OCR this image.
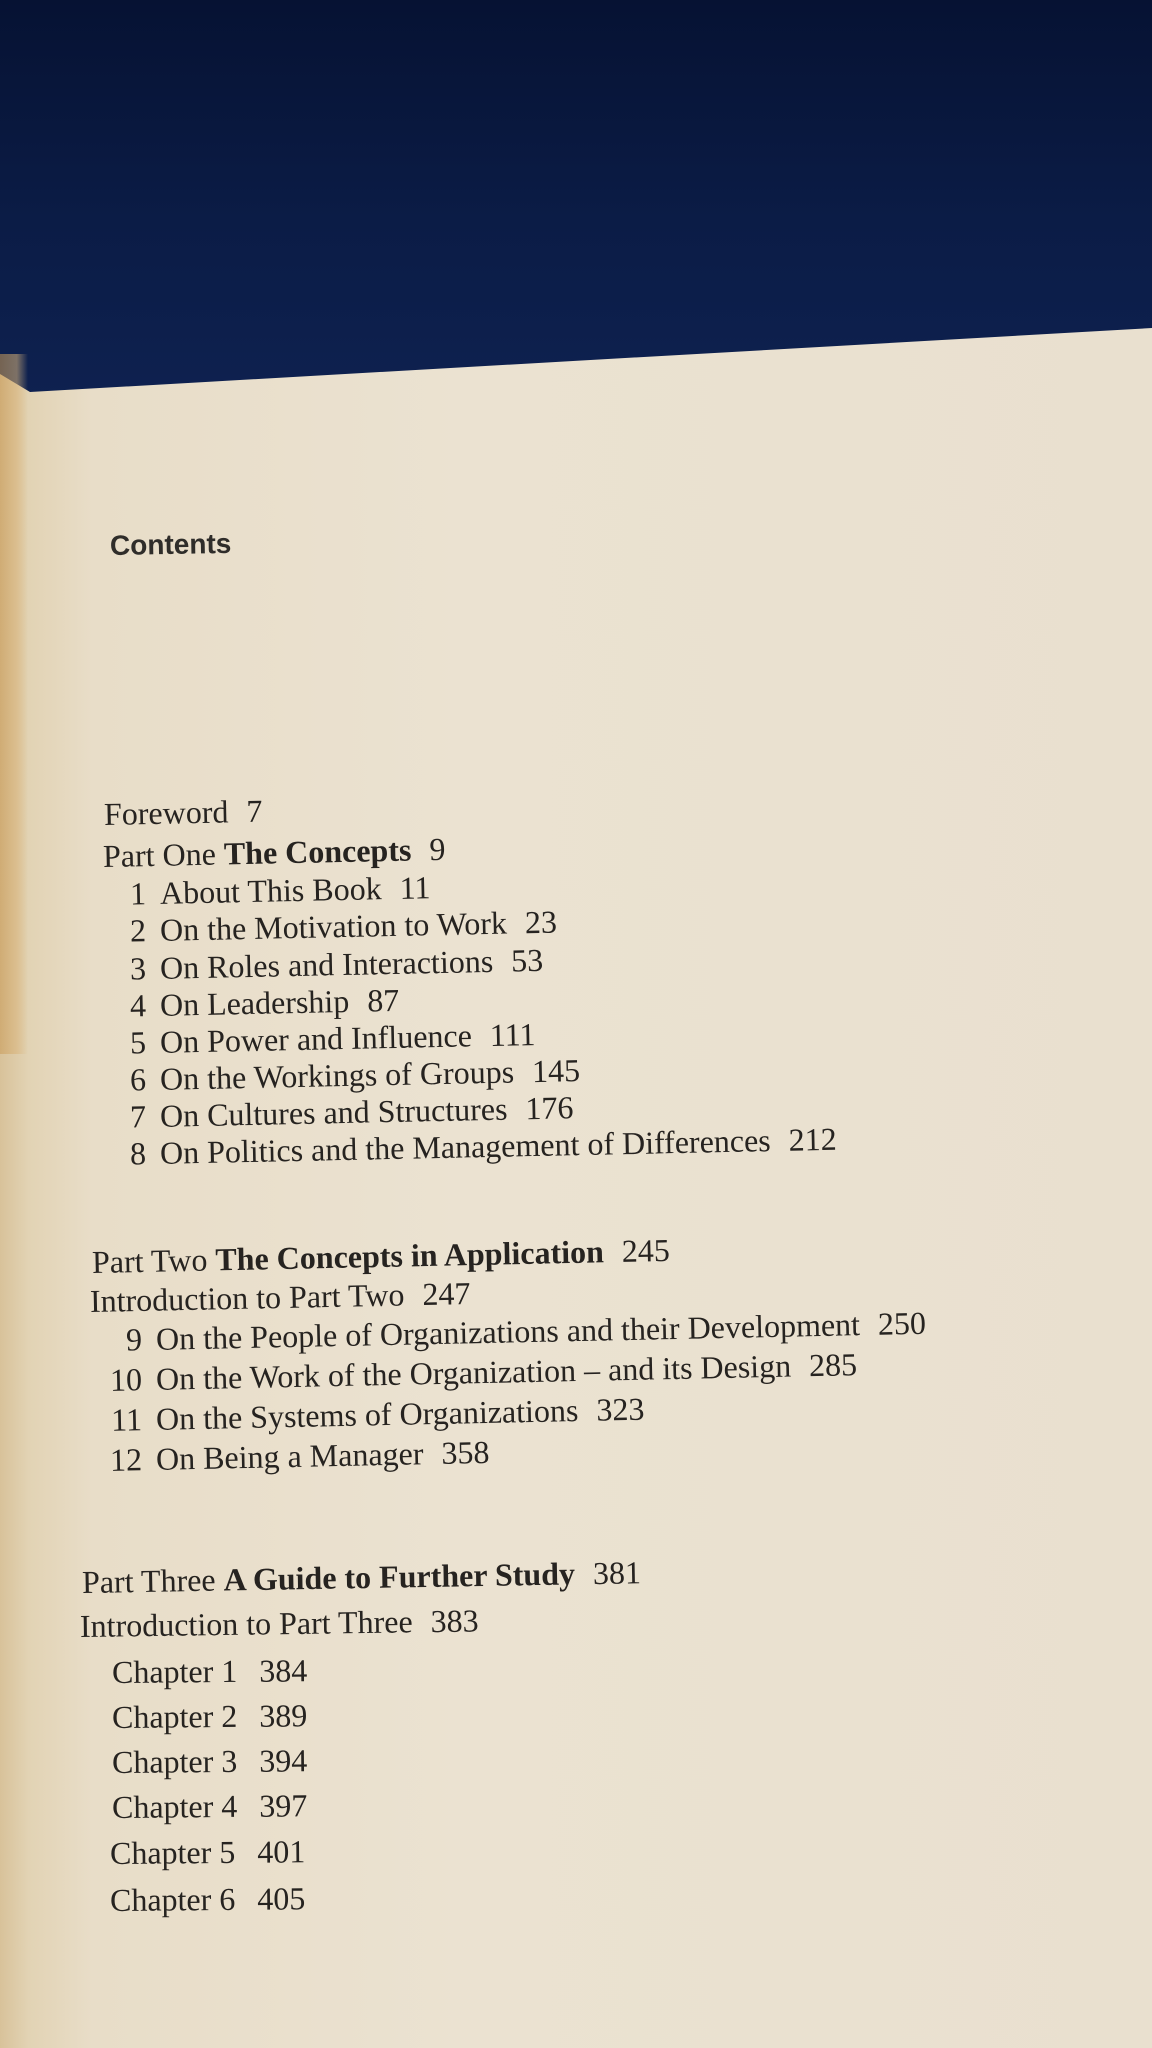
Contents
Foreword 7
Part One The Concepts 9
1 About This Book 11
2 On the Motivation to Work 23
3 On Roles and Interactions 53
4 On Leadership 87
5 On Power and Influence 111
6 On the Workings of Groups 145
7 On Cultures and Structures 176
8 On Politics and the Management of Differences 212
Part Two The Concepts in Application 245
Introduction to Part Two 247
9 On the People of Organizations and their Development 250
10 On the Work of the Organization – and its Design 285
11 On the Systems of Organizations 323
12 On Being a Manager 358
Part Three A Guide to Further Study 381
Introduction to Part Three 383
Chapter 1 384
Chapter 2 389
Chapter 3 394
Chapter 4 397
Chapter 5 401
Chapter 6 405
